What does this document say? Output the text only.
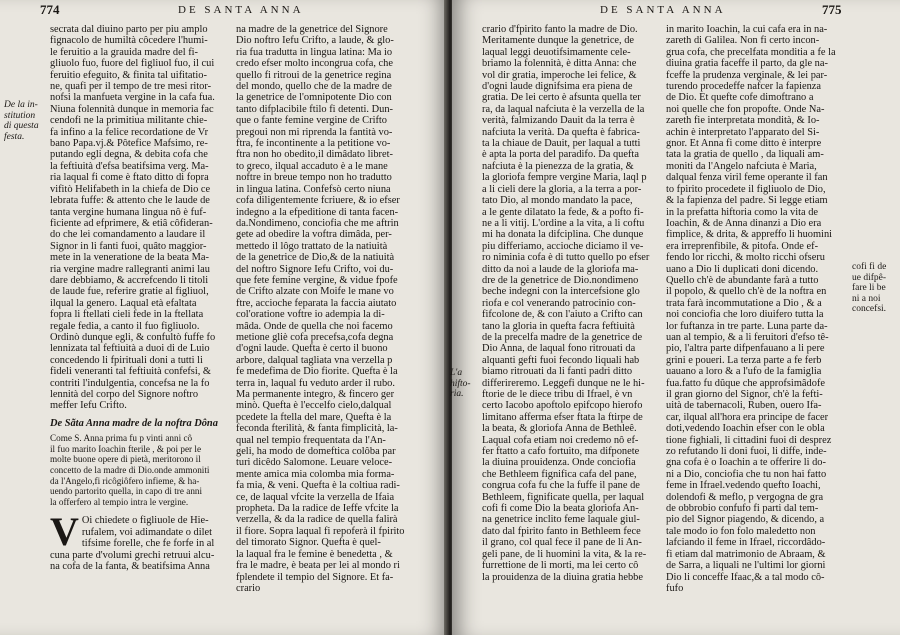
774	DE SANTA ANNA
De la in-
stitution
di questa
festa.
secrata dal diuino parto per piu amplo
fignacolo de humiltà côcedere l'humi-
le feruitio a la grauida madre del fi-
gliuolo fuo, fuore del figliuol fuo, il cui
feruitio efeguito, & finita tal uifitatio-
ne, quafi per il tempo de tre mesi ritor-
nofsi la manfueta vergine in la cafa fua.
Niuna folennità dunque in memoria fac
cendofi ne la primitiua militante chie-
fa infino a la felice recordatione de Vr
bano Papa.vj.& Pôtefice Mafsimo, re-
putando egli degna, & debita cofa che
la feftiuità d'efsa beatifsima verg. Ma-
ria laqual fi come è ftato ditto di fopra
vifitò Helifabeth in la chiefa de Dio ce
lebrata fuffe: & attento che le laude de
tanta vergine humana lingua nô è fuf-
ficiente ad efprimere, & etiâ côfideran-
do che lei comandamento a laudare il
Signor in li fanti fuoi, quâto maggior-
mete in la veneratione de la beata Ma-
ria vergine madre rallegranti animi lau
dare debbiamo, & accrefcendo li titoli
de laude fue, referire gratie al figliuol,
ilqual la genero. Laqual età efaltata
fopra li ftellati cieli fede in la ftellata
regale fedia, a canto il fuo figliuolo.
Ordinò dunque egli, & confultò fuffe fo
lennizata tal feftiuità a duoi di de Luio
concedendo li fpirituali doni a tutti li
fideli veneranti tal feftiuità confefsi, &
contriti l'indulgentia, concefsa ne la fo
lennità del corpo del Signore noftro
meffer Iefu Crifto.
De Sãta Anna madre de la noftra Dôna
Come S. Anna prima fu p vinti anni cô
il fuo marito Ioachin fterile , & poi per le
molte buone opere di pietà, meritorono il
concetto de la madre di Dio.onde ammoniti
da l'Angelo,fi ricôgiôfero infieme, & ha-
uendo partorito quella, in capo di tre anni
la offerfero al tempio intra le vergine.
V Oi chiedete o figliuole de Hie-
rufalem, voi adimandate o dilet
tifsime forelle, che fe forfe in al
cuna parte d'volumi grechi retruui alcu-
na cofa de la fanta, & beatifsima Anna
na madre de la genetrice del Signore
Dio noftro Iefu Crifto, a laude, & glo-
ria fua tradutta in lingua latina: Ma io
credo efser molto incongrua cofa, che
quello fi ritroui de la genetrice regina
del mondo, quello che de la madre de
la genetrice de l'omnipotente Dio con
tanto difplacibile ftilo fi detenti. Dun-
que o fante femine vergine de Crifto
pregoui non mi riprenda la fantità vo-
ftra, fe incontinente a la petitione vo-
ftra non ho obedito,il dimâdato libret-
to greco, ilqual accaduto è a le mane
noftre in breue tempo non ho tradutto
in lingua latina. Confefsò certo niuna
cofa diligentemente fcriuere, & io efser
indegno a la efpeditione di tanta facen-
da.Nondimeno, conciofia che me aftrin
gete ad obedire la voftra dimâda, per-
mettedo il lôgo trattato de la natiuità
de la genetrice de Dio,& de la natiuità
del noftro Signore Iefu Crifto, voi du-
que fete femine vergine, & vidue fpofe
de Crifto alzate con Moife le mane vo
ftre, accioche feparata la faccia aiutato
col'oratione voftre io adempia la di-
mâda. Onde de quella che noi facemo
metione gliè cofa precefsa,cofa degna
d'ogni laude. Quefta è certo il buono
arbore, dalqual tagliata vna verzella p
fe medefima de Dio fiorite. Quefta è la
terra in, laqual fu veduto arder il rubo.
Ma permanente integro, & fincero ger
minò. Quefta è l'eccelfo cielo,dalqual
pcedete la ftella del mare, Quefta è la
feconda fterilità, & fanta fimplicità, la-
qual nel tempio frequentata da l'An-
geli, ha modo de domeftica colôba par
turi dicêdo Salomone. Leuare veloce-
mente amica mia colomba mia forma-
fa mia, & veni. Quefta è la coltiua radi-
ce, de laqual vfcite la verzella de Ifaia
propheta. Da la radice de Ieffe vfcite la
verzella, & da la radice de quella falirà
il fiore. Sopra laqual fi repoferà il fpirito
del timorato Signor. Quefta è quel-
la laqual fra le femine è benedetta , &
fra le madre, è beata per lei al mondo ri
fplendete il tempio del Signore. Et fa-
crario
DE SANTA ANNA	775
L'a hifto-
ria.
crario d'fpirito fanto la madre de Dio.
Meritamente dunque la genetrice, de
laqual leggi deuotifsimamente cele-
briamo la folennità, è ditta Anna: che
vol dir gratia, imperoche lei felice, &
d'ogni laude dignifsima era piena de
gratia. De lei certo è afsunta quella ter
ra, da laqual nafciuta è la verzella de la
verità, falmizando Dauit da la terra è
nafciuta la verità. Da quefta è fabrica-
ta la chiaue de Dauit, per laqual a tutti
è apta la porta del paradifo. Da quefta
nafciuta è la pienezza de la gratia, &
la gloriofa fempre vergine Maria, laql p
a li cieli dere la gloria, a la terra a por-
tato Dio, al mondo mandato la pace,
a le gente dilatato la fede, & a pofto fi-
ne a li vitij. L'ordine a la vita, a li coftu
mi ha donata la difciplina. Che dunque
piu differiamo, accioche diciamo il ve-
ro niminia cofa è di tutto quello po efser
ditto da noi a laude de la gloriofa ma-
dre de la genetrice de Dio.nondimeno
beche indegni con la intercefsione glo
riofa e col venerando patrocinio con-
fifcolone de, & con l'aiuto a Crifto can
tano la gloria in quefta facra feftiuità
de la precelfa madre de la genetrice de
Dio Anna, de laqual fono ritrouati da
alquanti gefti fuoi fecondo liquali hab
biamo ritrouati da li fanti padri ditto
differireremo. Leggefi dunque ne le hi-
ftorie de le diece tribu di Ifrael, è vn
certo Iacobo apoftolo epifcopo hierofo
limitano afferma efser ftata la ftirpe de
la beata, & gloriofa Anna de Bethleê.
Laqual cofa etiam noi credemo nô ef-
fer ftatto a cafo fortuito, ma difponete
la diuina prouidenza. Onde conciofia
che Bethleem fignifica cafa del pane,
congrua cofa fu che la fuffe il pane de
Bethleem, fignificate quella, per laqual
cofi fi come Dio la beata gloriofa An-
na genetrice inclito feme laquale giul-
dato dal fpirito fanto in Bethleem fece
il grano, col qual fece il pane de li An-
geli pane, de li huomini la vita, & la re-
furrettione de li morti, ma lei certo cô
la prouidenza de la diuina gratia hebbe
in marito Ioachin, la cui cafa era in na-
zareth di Galilea. Non fi certo incon-
grua cofa, che precelfata monditia a fe la
diuina gratia faceffe il parto, da gle na-
fceffe la prudenza verginale, & lei par-
turendo procedeffe nafcer la fapienza
de Dio. Et quefte cofe dimoftrano a
noi quelle che fon propofte. Onde Na-
zareth fie interpretata mondità, & Io-
achin è interpretato l'apparato del Si-
gnor. Et Anna fi come ditto è interpre
tata la gratia de quello , da liquali am-
moniti da l'Angelo nafciuta è Maria,
dalqual fenza viril feme operante il fan
to fpirito procedete il figliuolo de Dio,
& la fapienza del padre. Si legge etiam
in la prefatta hiftoria como la vita de
Ioachin, & de Anna dinanzi a Dio era
fimplice, & drita, & appreffo li huomini
era irreprenfibile, & pitofa. Onde ef-
fendo lor ricchi, & molto ricchi ofseru
uano a Dio li duplicati doni dicendo.
Quello ch'è de abundante farà a tutto
il popolo, & quello ch'è de la noftra en
trata farà incommutatione a Dio , & a
noi conciofia che loro diuifero tutta la
lor fuftanza in tre parte. Luna parte da-
uan al tempio, & a li feruitori d'efso tê-
pio, l'altra parte difpenfauano a li pere
grini e poueri. La terza parte a fe ferb
uauano a loro & a l'ufo de la famiglia
fua.fatto fu dûque che approfsimâdofe
il gran giorno del Signor, ch'è la fefti-
uità de tabernacoli, Ruben, ouero Ifa-
car, ilqual all'hora era principe de facer
doti,vedendo Ioachin efser con le obla
tione fighiali, li cittadini fuoi di desprez
zo refutando li doni fuoi, li diffe, inde-
gna cofa è o Ioachin a te offerire li do-
ni a Dio, conciofia che tu non hai fatto
feme in Ifrael.vedendo quefto Ioachi,
dolendofi & meflo, p vergogna de gra
de obbrobio confufo fi parti dal tem-
pio del Signor piagendo, & dicendo, a
tale modo io fon folo maledetto non
lafciando il feme in Ifrael, riccordâdo-
fi etiam dal matrimonio de Abraam, &
de Sarra, a liquali ne l'ultimi lor giorni
Dio li conceffe Ifaac,& a tal modo cô-
fufo
cofi fi de
ue difpê-
fare li be
ni a noi
concefsi.
